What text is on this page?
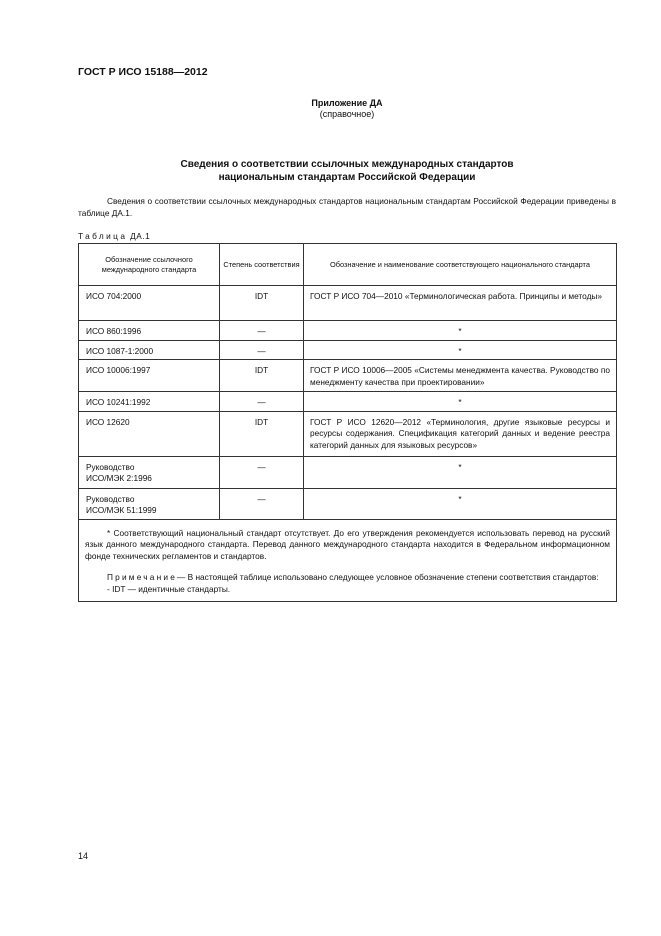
ГОСТ Р ИСО 15188—2012
Приложение ДА
(справочное)
Сведения о соответствии ссылочных международных стандартов
национальным стандартам Российской Федерации

Сведения о соответствии ссылочных международных стандартов национальным стандартам Российской Федерации приведены в таблице ДА.1.

Таблица ДА.1
Обозначение ссылочного международного стандарта	Степень соответствия	Обозначение и наименование соответствующего национального стандарта
ИСО 704:2000	IDT	ГОСТ Р ИСО 704—2010 «Терминологическая работа. Принципы и методы»
ИСО 860:1996	—	*
ИСО 1087-1:2000	—	*
ИСО 10006:1997	IDT	ГОСТ Р ИСО 10006—2005 «Системы менеджмента качества. Руководство по менеджменту качества при проектировании»
ИСО 10241:1992	—	*
ИСО 12620	IDT	ГОСТ Р ИСО 12620—2012 «Терминология, другие языковые ресурсы и ресурсы содержания. Спецификация категорий данных и ведение реестра категорий данных для языковых ресурсов»

Руководство
ИСО/МЭК 2:1996	—	*

Руководство
ИСО/МЭК 51:1999	—	*

* Соответствующий национальный стандарт отсутствует. До его утверждения рекомендуется использовать перевод на русский язык данного международного стандарта. Перевод данного международного стандарта находится в Федеральном информационном фонде технических регламентов и стандартов.

Примечание— В настоящей таблице использовано следующее условное обозначение степени соответствия стандартов:

- IDT — идентичные стандарты.		

14
